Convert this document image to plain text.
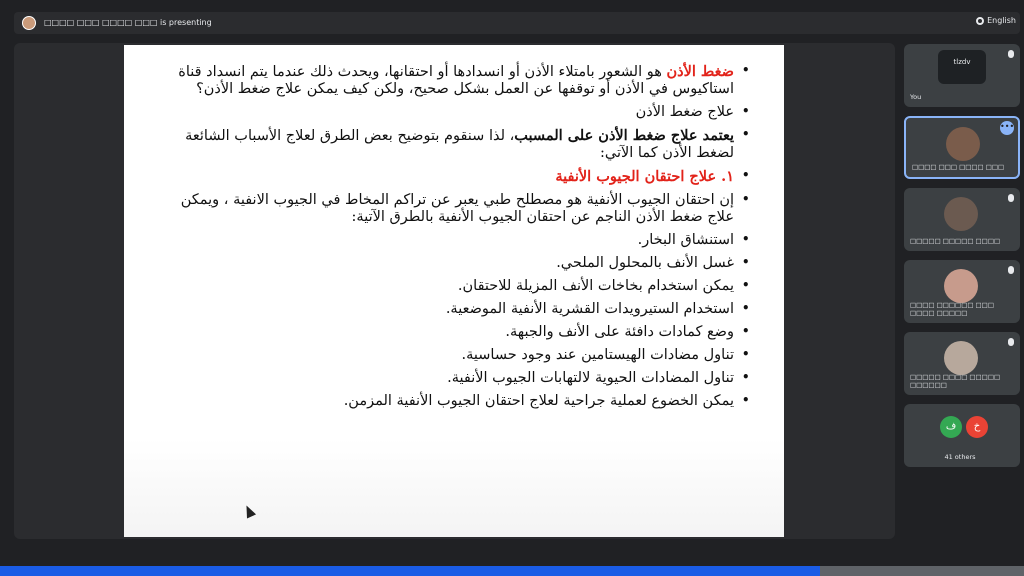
□□□□ □□□ □□□□ □□□ is presenting	English
• ضغط الأذن هو الشعور بامتلاء الأذن أو انسدادها أو احتقانها، ويحدث ذلك عندما يتم انسداد قناة استاكيوس في الأذن أو توقفها عن العمل بشكل صحيح، ولكن كيف يمكن علاج ضغط الأذن؟
• علاج ضغط الأذن
• يعتمد علاج ضغط الأذن على المسبب، لذا سنقوم بتوضيح بعض الطرق لعلاج الأسباب الشائعة لضغط الأذن كما الآتي:
• ١. علاج احتقان الجيوب الأنفية
• إن احتقان الجيوب الأنفية هو مصطلح طبي يعبر عن تراكم المخاط في الجيوب الانفية ، ويمكن علاج ضغط الأذن الناجم عن احتقان الجيوب الأنفية بالطرق الآتية:
• استنشاق البخار.
• غسل الأنف بالمحلول الملحي.
• يمكن استخدام بخاخات الأنف المزيلة للاحتقان.
• استخدام الستيرويدات القشرية الأنفية الموضعية.
• وضع كمادات دافئة على الأنف والجبهة.
• تناول مضادات الهيستامين عند وجود حساسية.
• تناول المضادات الحيوية لالتهابات الجيوب الأنفية.
• يمكن الخضوع لعملية جراحية لعلاج احتقان الجيوب الأنفية المزمن.
tlzdv
You
•••
□□□□ □□□ □□□□ □□□
□□□□□ □□□□□ □□□□
□□□□ □□□□□□ □□□ □□□□ □□□□□
□□□□□ □□□□ □□□□□ □□□□□□
ف	خ
41 others
